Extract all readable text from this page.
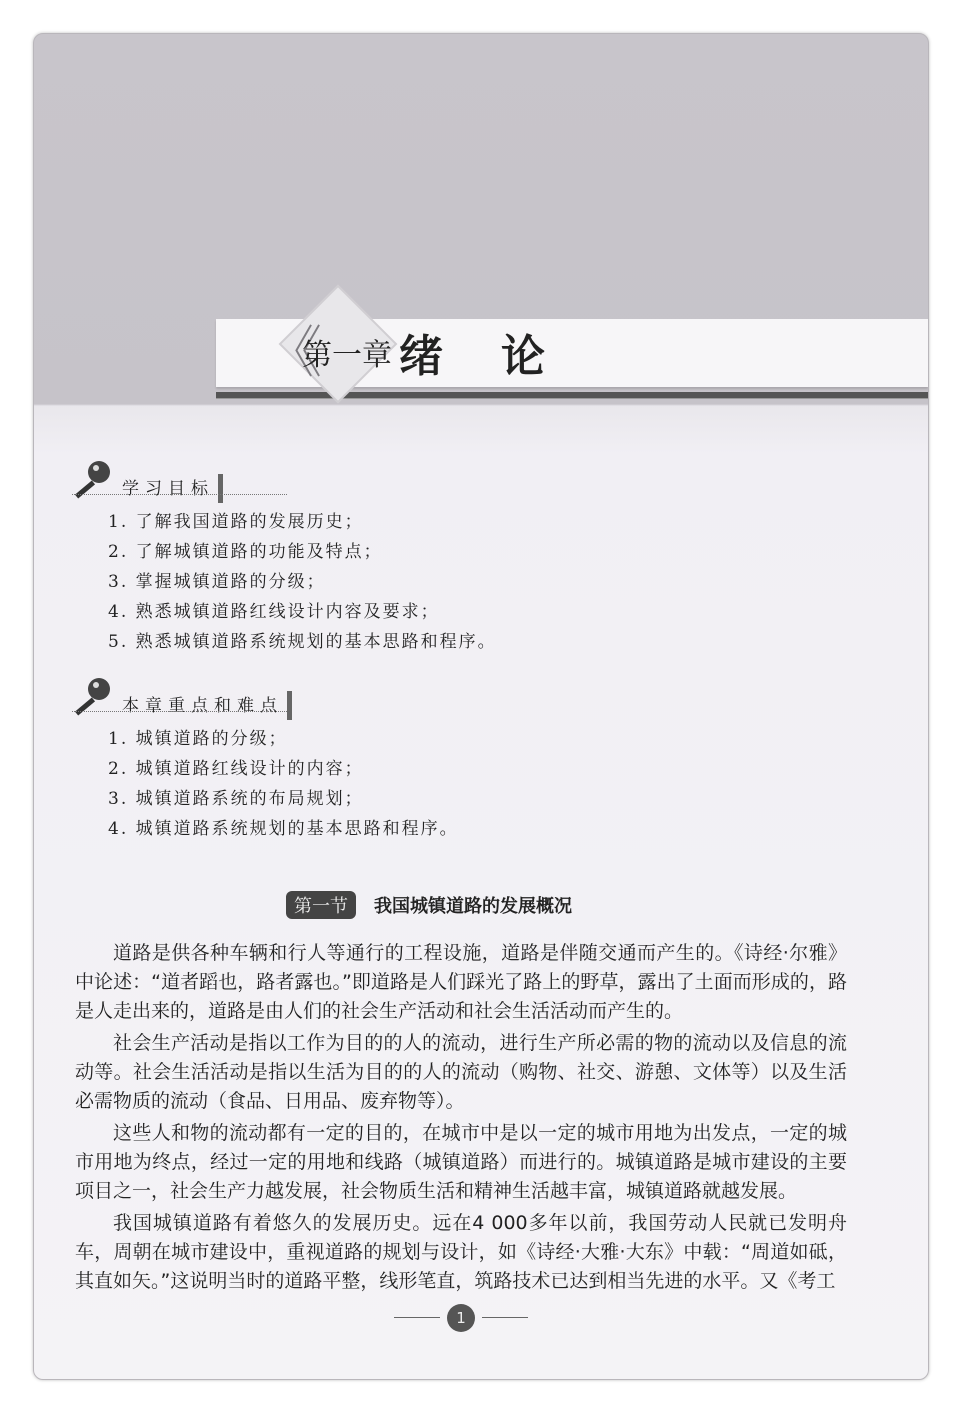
《
第一章 绪论
学习目标
1. 了解我国道路的发展历史；
2. 了解城镇道路的功能及特点；
3. 掌握城镇道路的分级；
4. 熟悉城镇道路红线设计内容及要求；
5. 熟悉城镇道路系统规划的基本思路和程序。
本章重点和难点
1. 城镇道路的分级；
2. 城镇道路红线设计的内容；
3. 城镇道路系统的布局规划；
4. 城镇道路系统规划的基本思路和程序。
第一节	我国城镇道路的发展概况

道路是供各种车辆和行人等通行的工程设施，道路是伴随交通而产生的。《诗经·尔雅》中论述：“道者蹈也，路者露也。”即道路是人们踩光了路上的野草，露出了土面而形成的，路是人走出来的，道路是由人们的社会生产活动和社会生活活动而产生的。

社会生产活动是指以工作为目的的人的流动，进行生产所必需的物的流动以及信息的流动等。社会生活活动是指以生活为目的的人的流动（购物、社交、游憩、文体等）以及生活必需物质的流动（食品、日用品、废弃物等）。

这些人和物的流动都有一定的目的，在城市中是以一定的城市用地为出发点，一定的城市用地为终点，经过一定的用地和线路（城镇道路）而进行的。城镇道路是城市建设的主要项目之一，社会生产力越发展，社会物质生活和精神生活越丰富，城镇道路就越发展。

我国城镇道路有着悠久的发展历史。远在4 000多年以前，我国劳动人民就已发明舟车，周朝在城市建设中，重视道路的规划与设计，如《诗经·大雅·大东》中载：“周道如砥，其直如矢。”这说明当时的道路平整，线形笔直，筑路技术已达到相当先进的水平。又《考工

1
